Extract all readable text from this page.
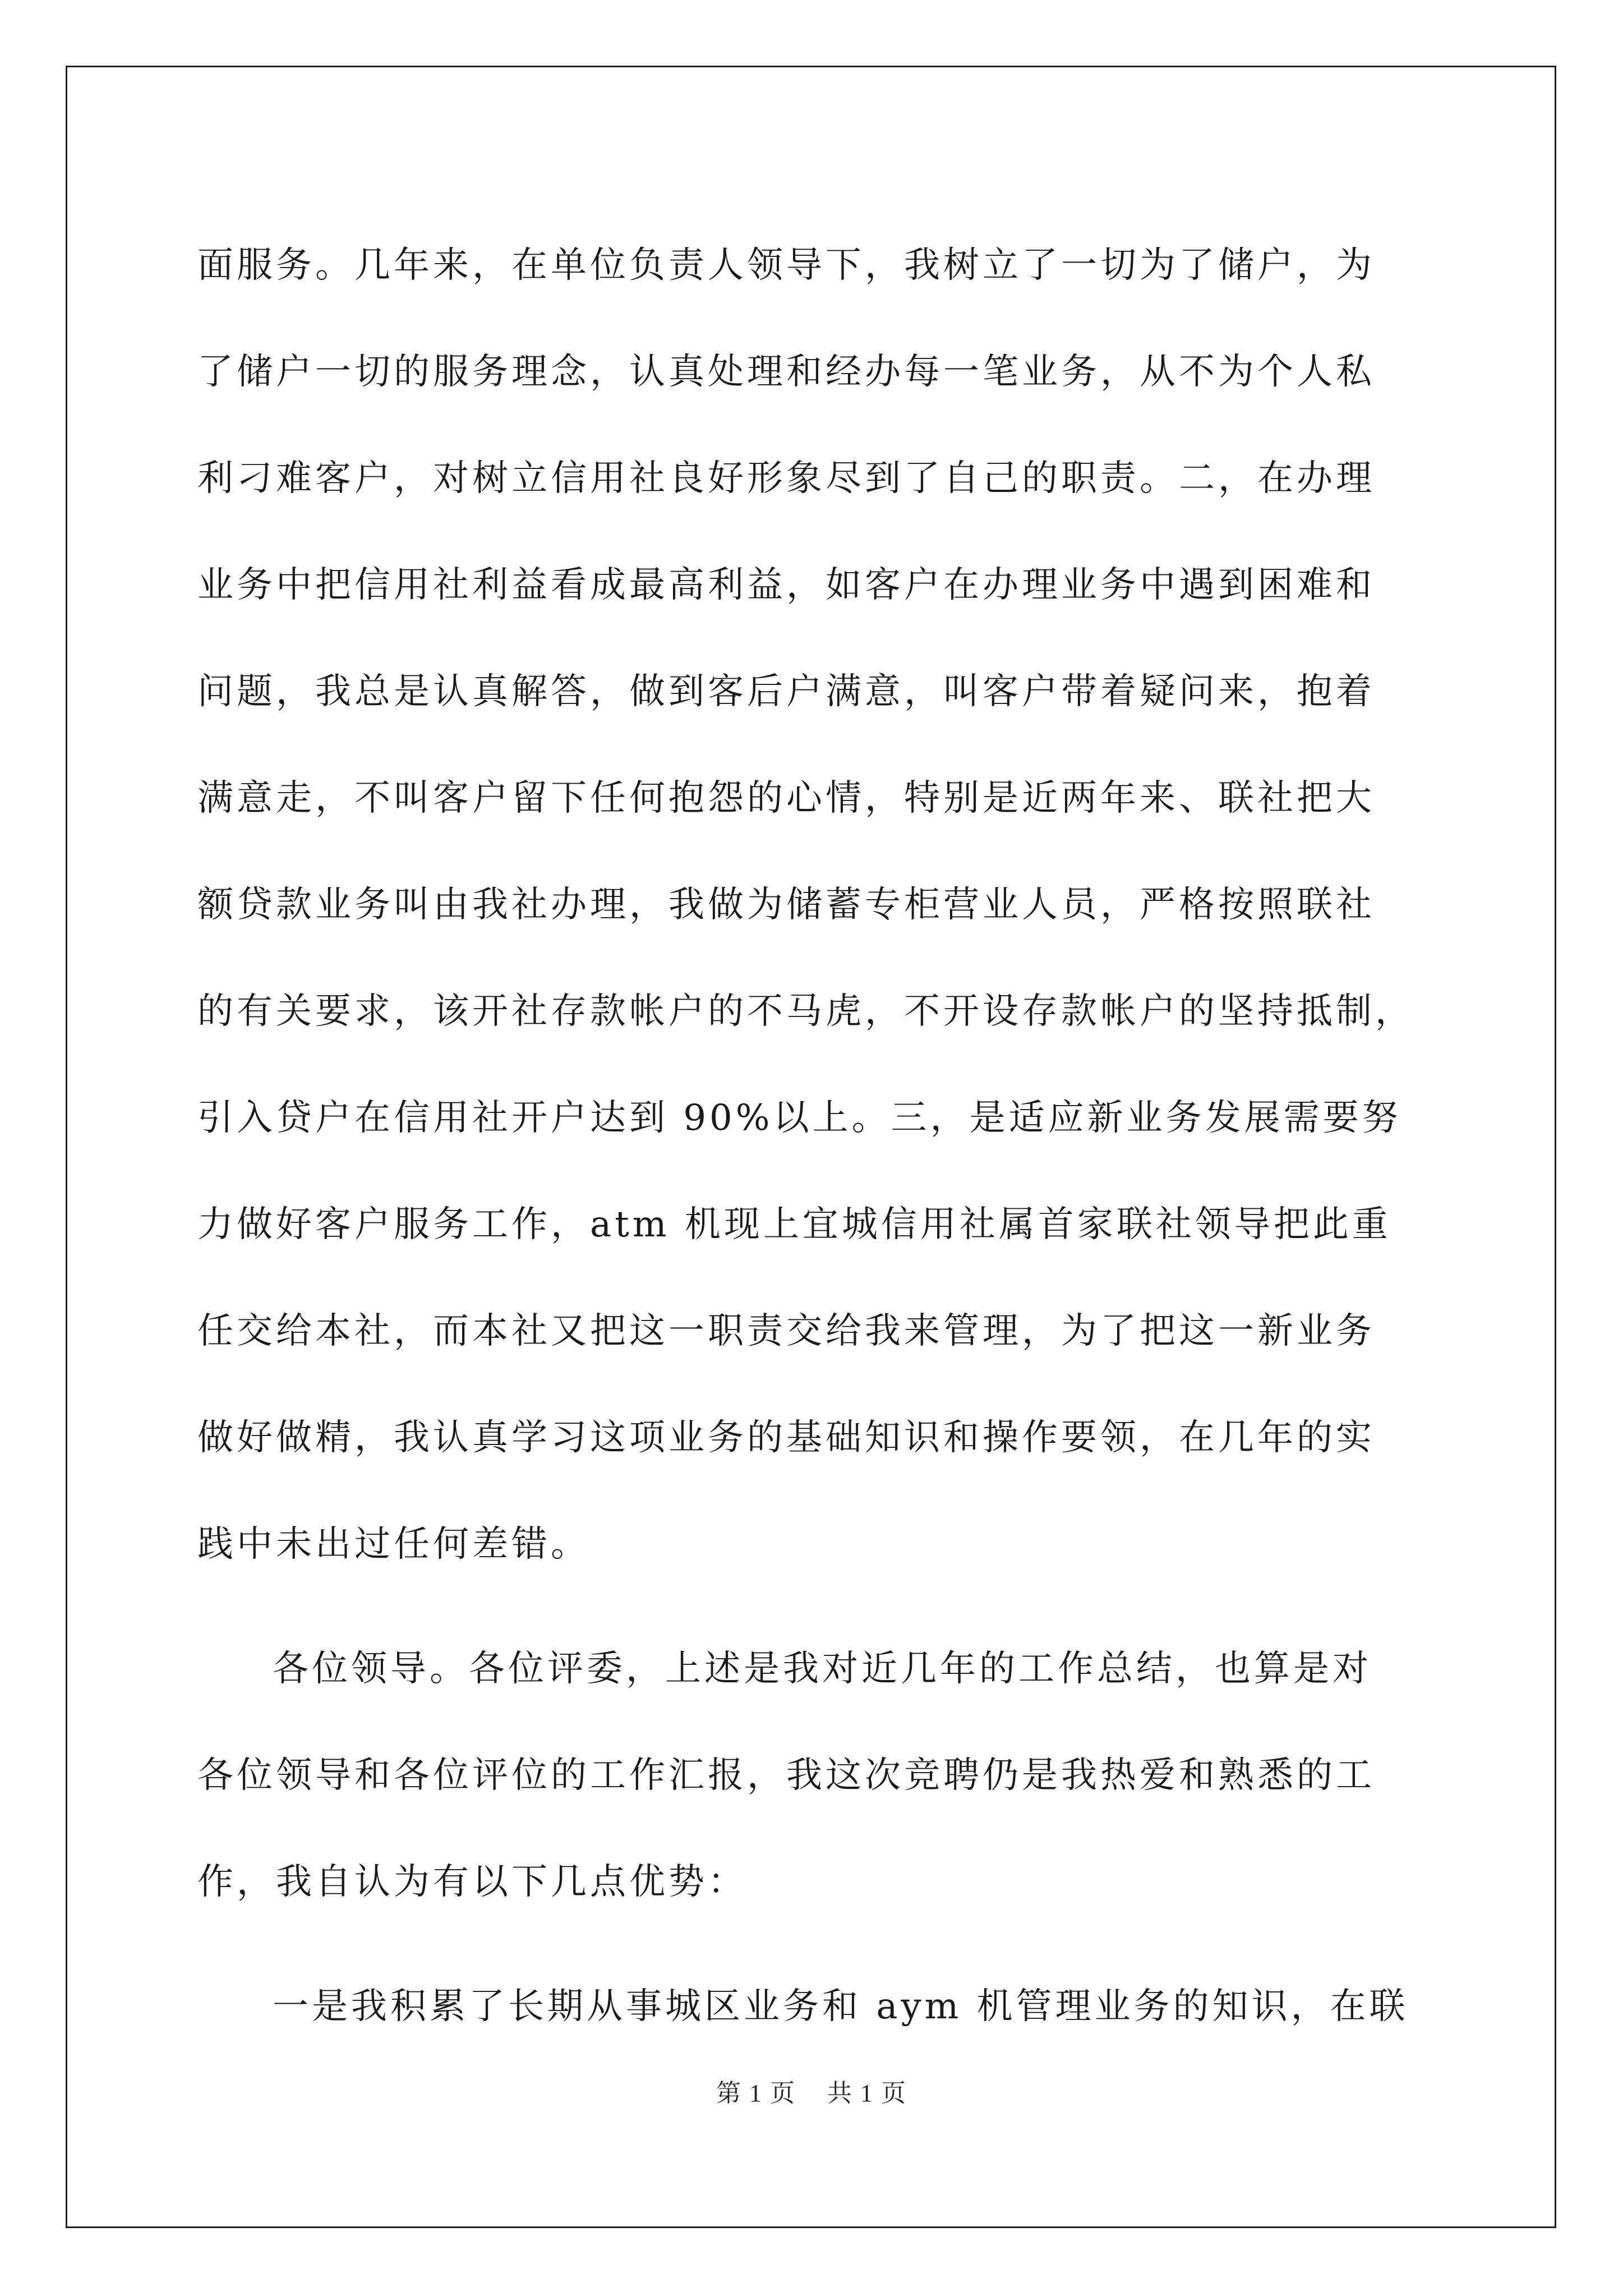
面服务。几年来，在单位负责人领导下，我树立了一切为了储户，为
了储户一切的服务理念，认真处理和经办每一笔业务，从不为个人私
利刁难客户，对树立信用社良好形象尽到了自己的职责。二，在办理
业务中把信用社利益看成最高利益，如客户在办理业务中遇到困难和
问题，我总是认真解答，做到客后户满意，叫客户带着疑问来，抱着
满意走，不叫客户留下任何抱怨的心情，特别是近两年来、联社把大
额贷款业务叫由我社办理，我做为储蓄专柜营业人员，严格按照联社
的有关要求，该开社存款帐户的不马虎，不开设存款帐户的坚持抵制，
引入贷户在信用社开户达到 90%以上。三，是适应新业务发展需要努
力做好客户服务工作，atm 机现上宜城信用社属首家联社领导把此重
任交给本社，而本社又把这一职责交给我来管理，为了把这一新业务
做好做精，我认真学习这项业务的基础知识和操作要领，在几年的实
践中未出过任何差错。
各位领导。各位评委，上述是我对近几年的工作总结，也算是对
各位领导和各位评位的工作汇报，我这次竞聘仍是我热爱和熟悉的工
作，我自认为有以下几点优势：
一是我积累了长期从事城区业务和 aym 机管理业务的知识，在联
第 1 页 共 1 页
